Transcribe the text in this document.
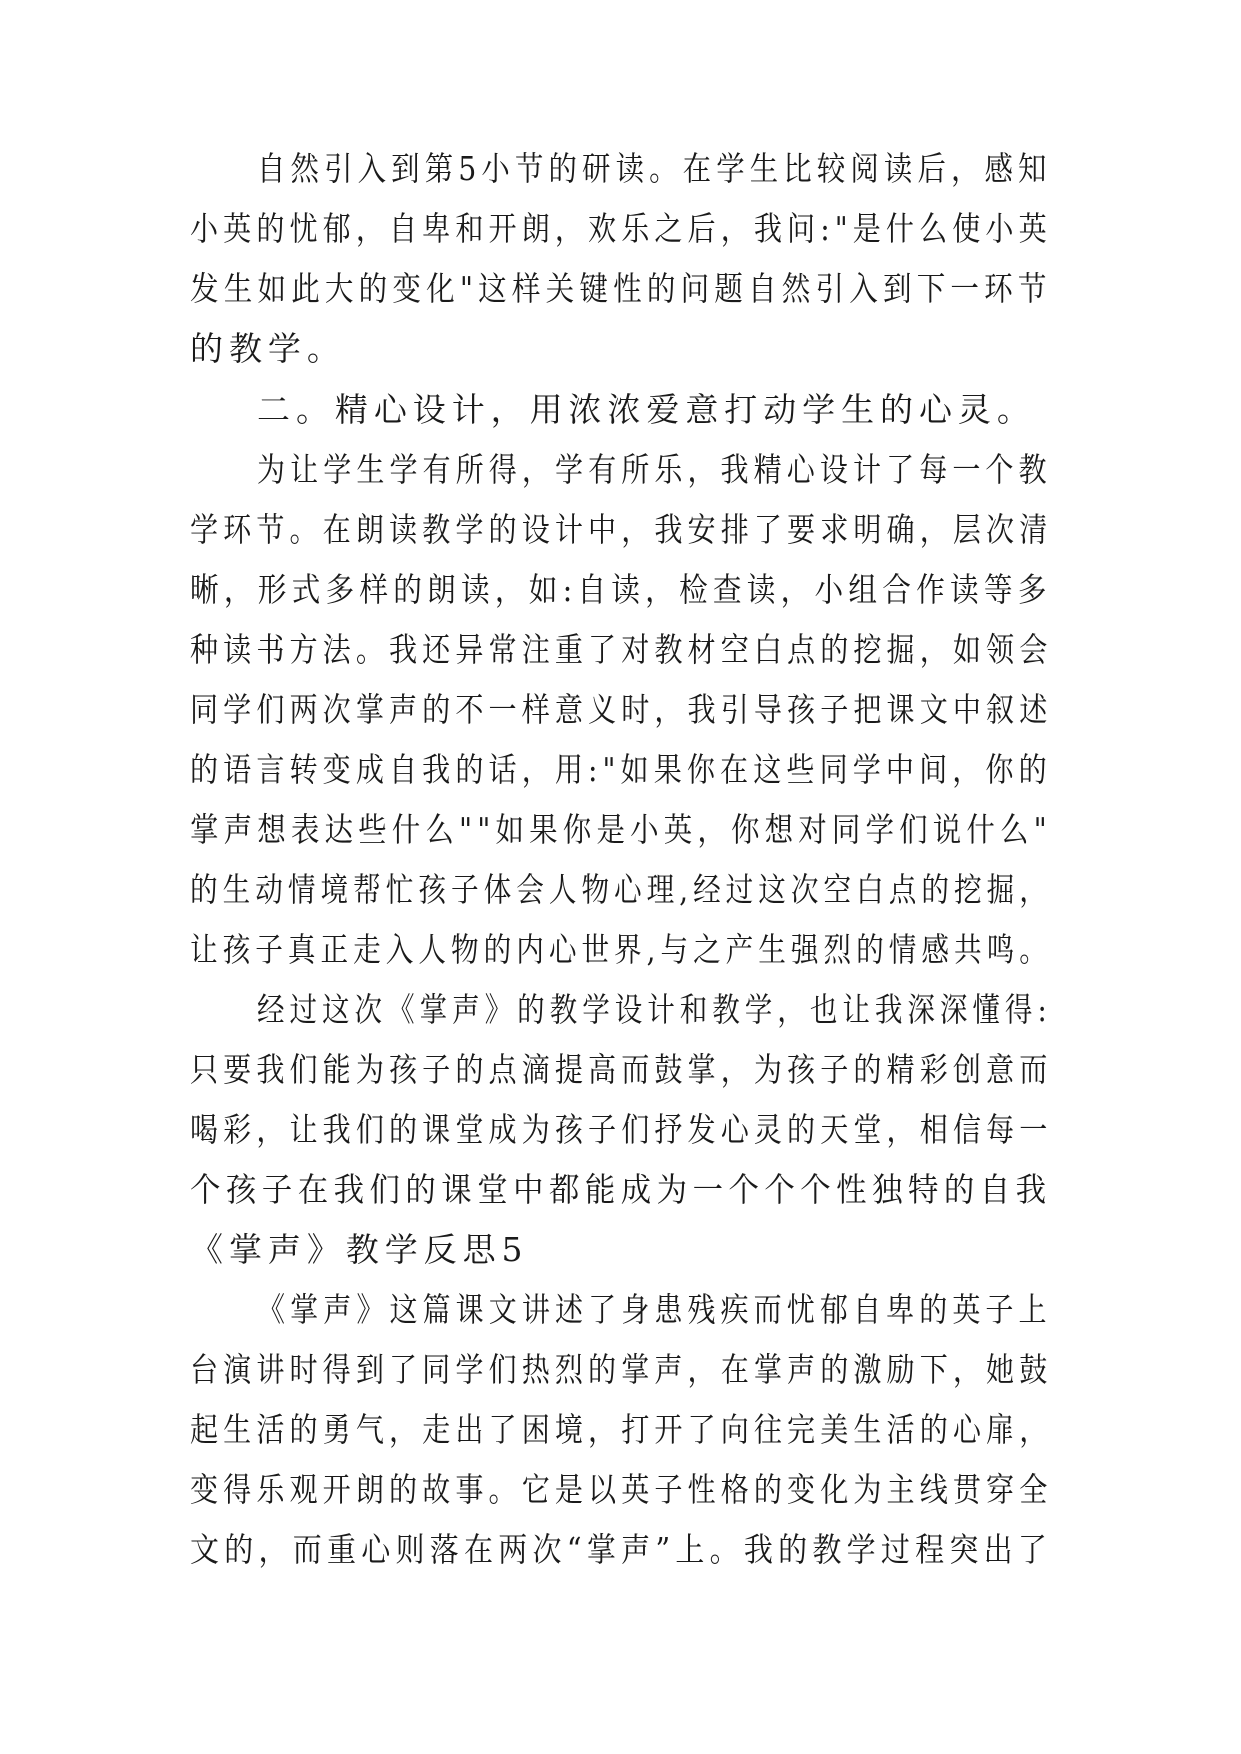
自然引入到第5小节的研读。在学生比较阅读后，感知
小英的忧郁，自卑和开朗，欢乐之后，我问:"是什么使小英
发生如此大的变化"这样关键性的问题自然引入到下一环节
的教学。
二。精心设计，用浓浓爱意打动学生的心灵。
为让学生学有所得，学有所乐，我精心设计了每一个教
学环节。在朗读教学的设计中，我安排了要求明确，层次清
晰，形式多样的朗读，如:自读，检查读，小组合作读等多
种读书方法。我还异常注重了对教材空白点的挖掘，如领会
同学们两次掌声的不一样意义时，我引导孩子把课文中叙述
的语言转变成自我的话，用:"如果你在这些同学中间，你的
掌声想表达些什么""如果你是小英，你想对同学们说什么"
的生动情境帮忙孩子体会人物心理,经过这次空白点的挖掘，
让孩子真正走入人物的内心世界,与之产生强烈的情感共鸣。
经过这次《掌声》的教学设计和教学，也让我深深懂得:
只要我们能为孩子的点滴提高而鼓掌，为孩子的精彩创意而
喝彩，让我们的课堂成为孩子们抒发心灵的天堂，相信每一
个孩子在我们的课堂中都能成为一个个个性独特的自我
《掌声》教学反思5
《掌声》这篇课文讲述了身患残疾而忧郁自卑的英子上
台演讲时得到了同学们热烈的掌声，在掌声的激励下，她鼓
起生活的勇气，走出了困境，打开了向往完美生活的心扉，
变得乐观开朗的故事。它是以英子性格的变化为主线贯穿全
文的，而重心则落在两次“掌声”上。我的教学过程突出了
